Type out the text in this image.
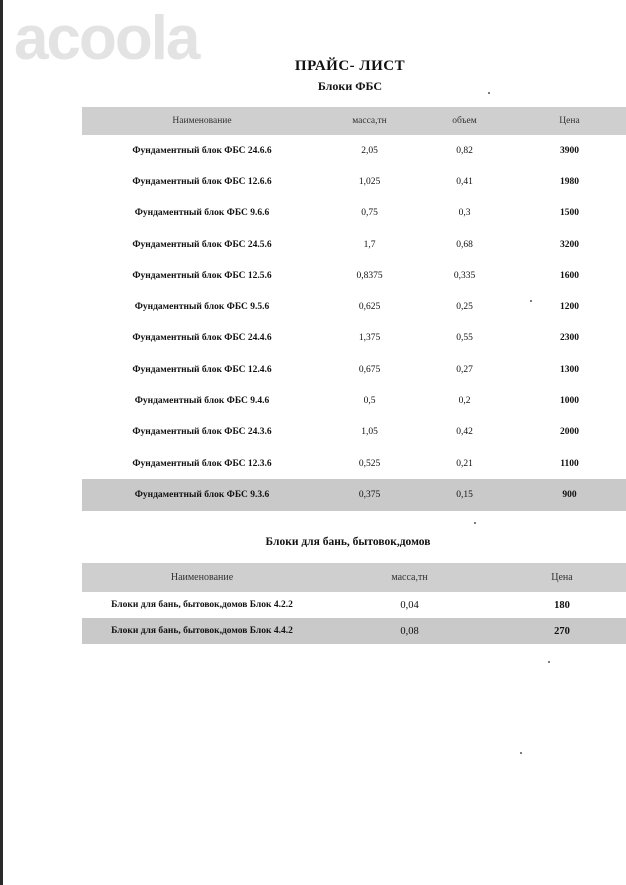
acoola	ПРАЙС- ЛИСТ
Блоки ФБС
Наименование	масса,тн	объем	Цена
Фундаментный блок ФБС 24.6.6	2,05	0,82	3900
Фундаментный блок ФБС 12.6.6	1,025	0,41	1980
Фундаментный блок ФБС 9.6.6	0,75	0,3	1500
Фундаментный блок ФБС 24.5.6	1,7	0,68	3200
Фундаментный блок ФБС 12.5.6	0,8375	0,335	1600
Фундаментный блок ФБС 9.5.6	0,625	0,25	1200
Фундаментный блок ФБС 24.4.6	1,375	0,55	2300
Фундаментный блок ФБС 12.4.6	0,675	0,27	1300
Фундаментный блок ФБС 9.4.6	0,5	0,2	1000
Фундаментный блок ФБС 24.3.6	1,05	0,42	2000
Фундаментный блок ФБС 12.3.6	0,525	0,21	1100
Фундаментный блок ФБС 9.3.6	0,375	0,15	900
Блоки для бань, бытовок,домов
Наименование	масса,тн	Цена
Блоки для бань, бытовок,домов Блок 4.2.2	0,04	180
Блоки для бань, бытовок,домов Блок 4.4.2	0,08	270
